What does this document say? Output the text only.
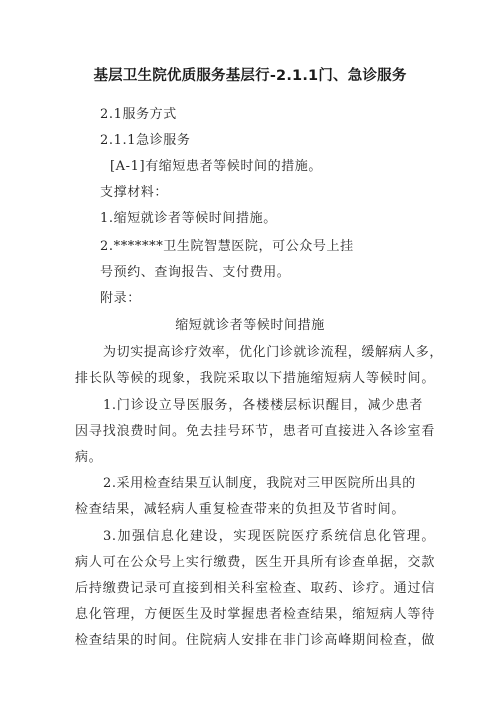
基层卫生院优质服务基层行-2.1.1门、急诊服务
2.1服务方式
2.1.1急诊服务
[A-1]有缩短患者等候时间的措施。
支撑材料：
1.缩短就诊者等候时间措施。
2.*******卫生院智慧医院，可公众号上挂
号预约、查询报告、支付费用。
附录：
缩短就诊者等候时间措施
为切实提高诊疗效率，优化门诊就诊流程，缓解病人多，
排长队等候的现象，我院采取以下措施缩短病人等候时间。
1.门诊设立导医服务，各楼楼层标识醒目，减少患者
因寻找浪费时间。免去挂号环节，患者可直接进入各诊室看
病。
2.采用检查结果互认制度，我院对三甲医院所出具的
检查结果，减轻病人重复检查带来的负担及节省时间。
3.加强信息化建设，实现医院医疗系统信息化管理。
病人可在公众号上实行缴费，医生开具所有诊查单据，交款
后持缴费记录可直接到相关科室检查、取药、诊疗。通过信
息化管理，方便医生及时掌握患者检查结果，缩短病人等待
检查结果的时间。住院病人安排在非门诊高峰期间检查，做
